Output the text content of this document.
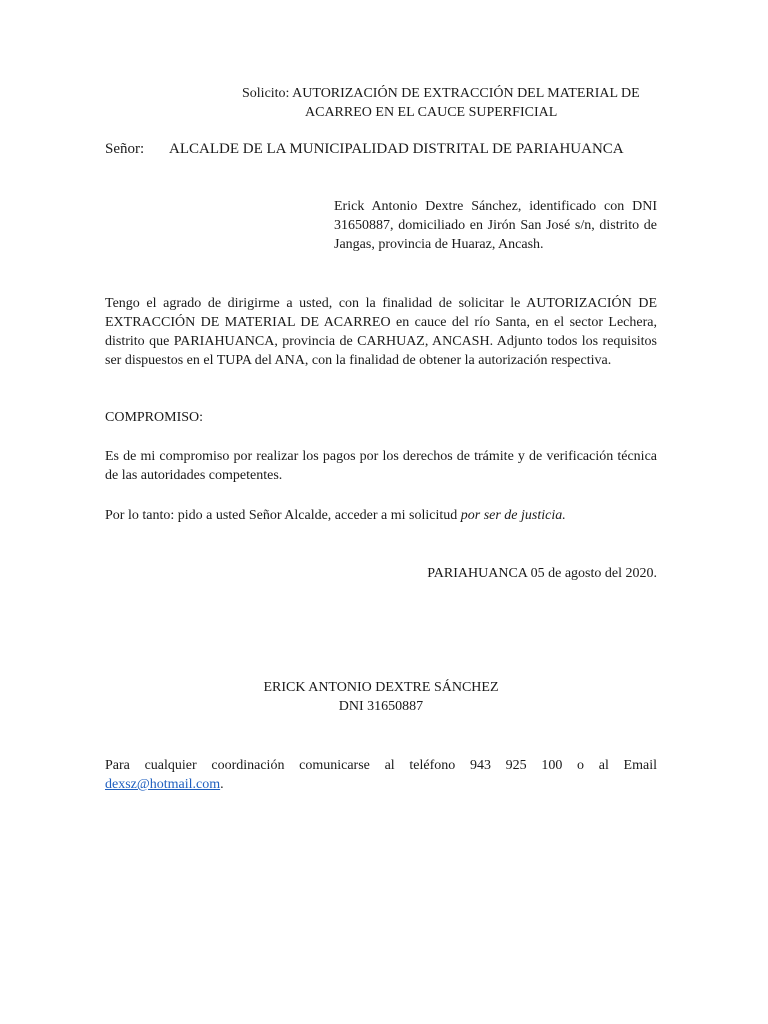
Solicito: AUTORIZACIÓN DE EXTRACCIÓN DEL MATERIAL DE
ACARREO EN EL CAUCE SUPERFICIAL
Señor: ALCALDE DE LA MUNICIPALIDAD DISTRITAL DE PARIAHUANCA
Erick Antonio Dextre Sánchez, identificado con DNI 31650887, domiciliado en Jirón San José s/n, distrito de Jangas, provincia de Huaraz, Ancash.

Tengo el agrado de dirigirme a usted, con la finalidad de solicitar le AUTORIZACIÓN DE EXTRACCIÓN DE MATERIAL DE ACARREO en cauce del río Santa, en el sector Lechera, distrito que PARIAHUANCA, provincia de CARHUAZ, ANCASH. Adjunto todos los requisitos ser dispuestos en el TUPA del ANA, con la finalidad de obtener la autorización respectiva.

COMPROMISO:

Es de mi compromiso por realizar los pagos por los derechos de trámite y de verificación técnica de las autoridades competentes.

Por lo tanto: pido a usted Señor Alcalde, acceder a mi solicitud por ser de justicia.

PARIAHUANCA 05 de agosto del 2020.
ERICK ANTONIO DEXTRE SÁNCHEZ
DNI 31650887
Para cualquier coordinación comunicarse al teléfono 943 925 100 o al Email
dexsz@hotmail.com.
